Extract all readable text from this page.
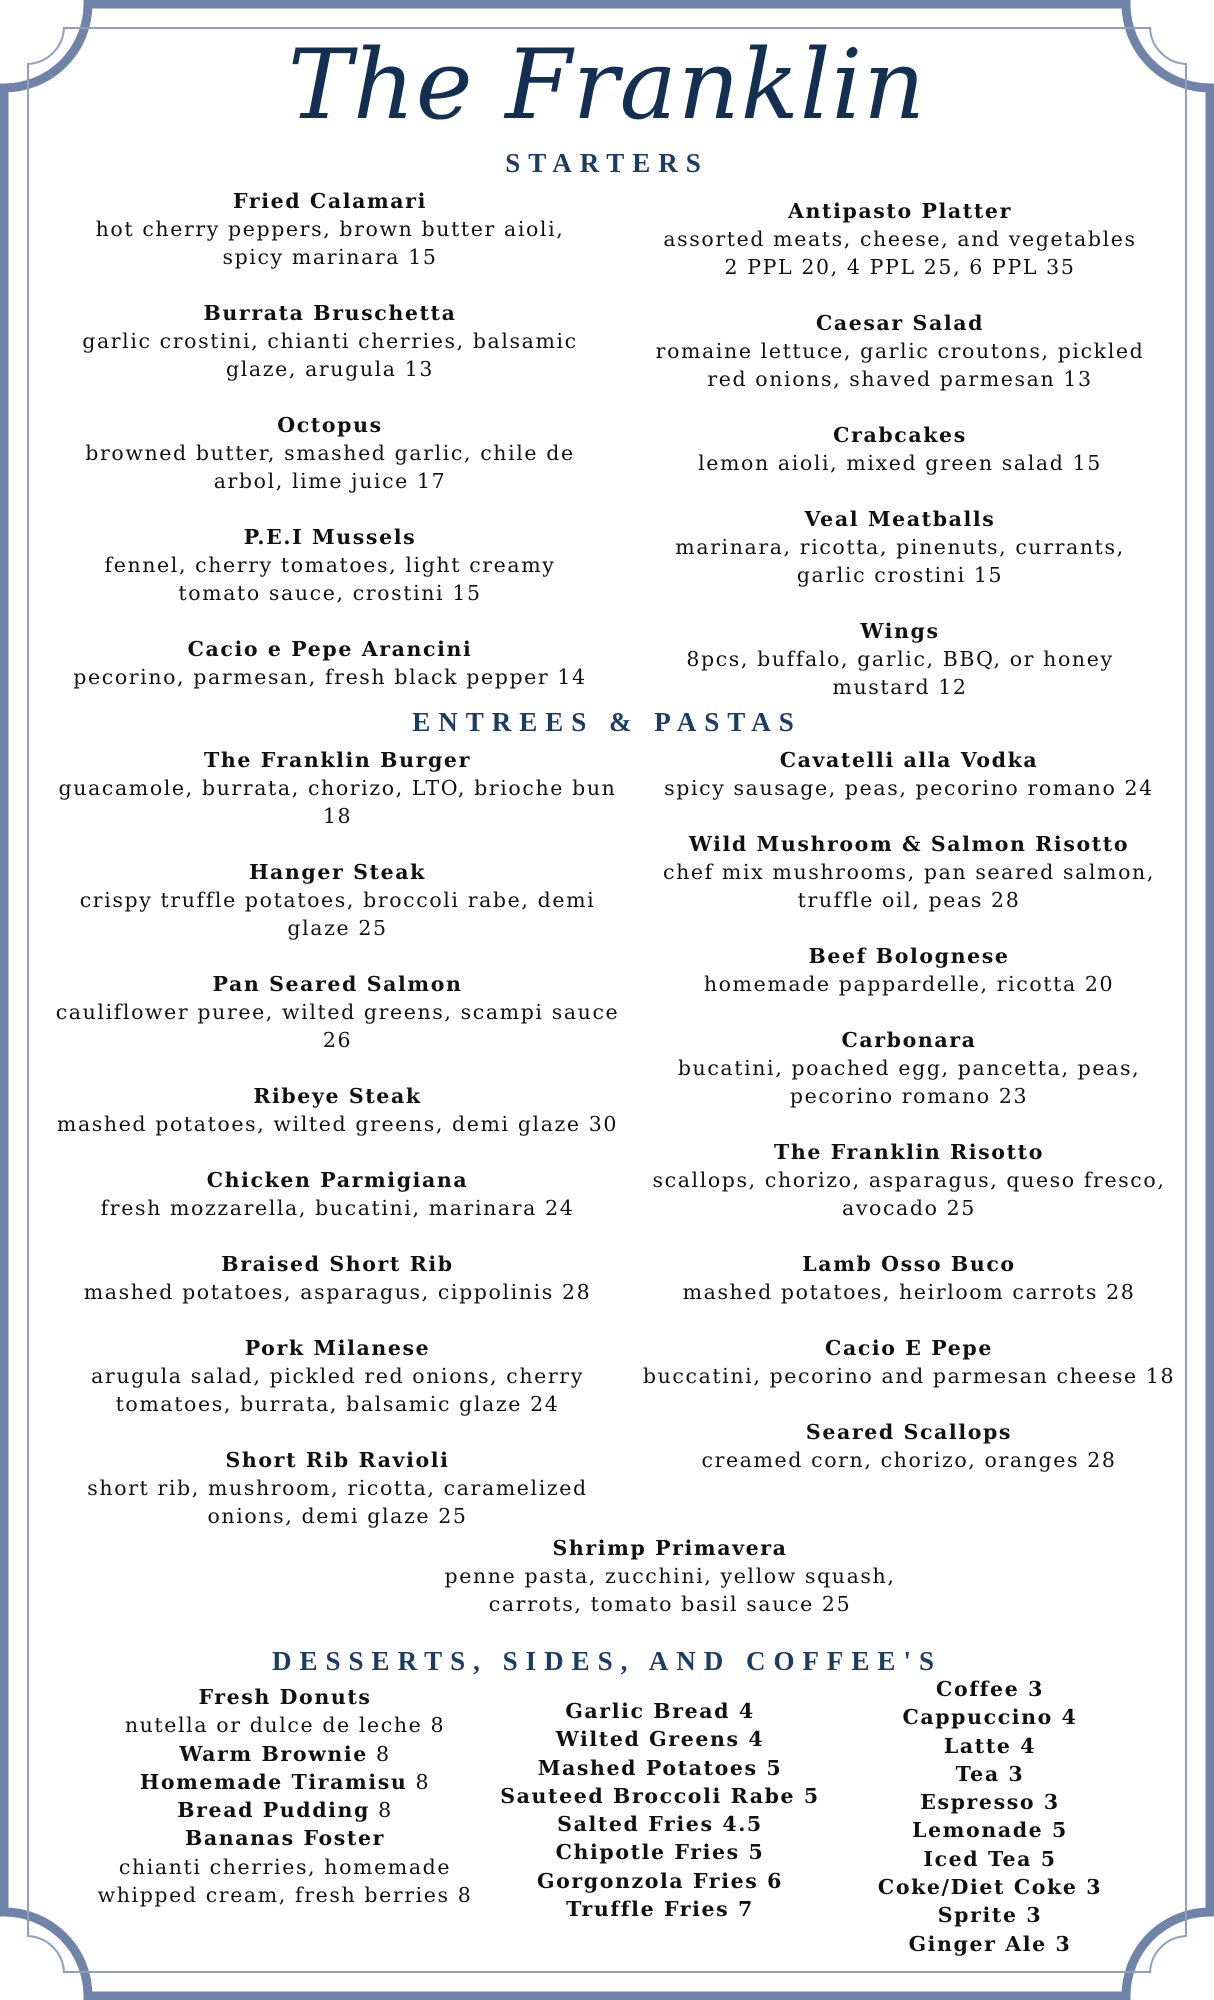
The Franklin
STARTERS
Fried Calamari
hot cherry peppers, brown butter aioli,
spicy marinara 15
Burrata Bruschetta
garlic crostini, chianti cherries, balsamic
glaze, arugula 13
Octopus
browned butter, smashed garlic, chile de
arbol, lime juice 17
P.E.I Mussels
fennel, cherry tomatoes, light creamy
tomato sauce, crostini 15
Cacio e Pepe Arancini
pecorino, parmesan, fresh black pepper 14
Antipasto Platter
assorted meats, cheese, and vegetables
2 PPL 20, 4 PPL 25, 6 PPL 35
Caesar Salad
romaine lettuce, garlic croutons, pickled
red onions, shaved parmesan 13
Crabcakes
lemon aioli, mixed green salad 15
Veal Meatballs
marinara, ricotta, pinenuts, currants,
garlic crostini 15
Wings
8pcs, buffalo, garlic, BBQ, or honey
mustard 12
ENTREES & PASTAS
The Franklin Burger
guacamole, burrata, chorizo, LTO, brioche bun
18
Hanger Steak
crispy truffle potatoes, broccoli rabe, demi
glaze 25
Pan Seared Salmon
cauliflower puree, wilted greens, scampi sauce
26
Ribeye Steak
mashed potatoes, wilted greens, demi glaze 30
Chicken Parmigiana
fresh mozzarella, bucatini, marinara 24
Braised Short Rib
mashed potatoes, asparagus, cippolinis 28
Pork Milanese
arugula salad, pickled red onions, cherry
tomatoes, burrata, balsamic glaze 24
Short Rib Ravioli
short rib, mushroom, ricotta, caramelized
onions, demi glaze 25
Cavatelli alla Vodka
spicy sausage, peas, pecorino romano 24
Wild Mushroom & Salmon Risotto
chef mix mushrooms, pan seared salmon,
truffle oil, peas 28
Beef Bolognese
homemade pappardelle, ricotta 20
Carbonara
bucatini, poached egg, pancetta, peas,
pecorino romano 23
The Franklin Risotto
scallops, chorizo, asparagus, queso fresco,
avocado 25
Lamb Osso Buco
mashed potatoes, heirloom carrots 28
Cacio E Pepe
buccatini, pecorino and parmesan cheese 18
Seared Scallops
creamed corn, chorizo, oranges 28
Shrimp Primavera
penne pasta, zucchini, yellow squash,
carrots, tomato basil sauce 25
DESSERTS, SIDES, AND COFFEE'S
Fresh Donuts
nutella or dulce de leche 8
Warm Brownie 8
Homemade Tiramisu 8
Bread Pudding 8
Bananas Foster
chianti cherries, homemade
whipped cream, fresh berries 8
Garlic Bread 4
Wilted Greens 4
Mashed Potatoes 5
Sauteed Broccoli Rabe 5
Salted Fries 4.5
Chipotle Fries 5
Gorgonzola Fries 6
Truffle Fries 7
Coffee 3
Cappuccino 4
Latte 4
Tea 3
Espresso 3
Lemonade 5
Iced Tea 5
Coke/Diet Coke 3
Sprite 3
Ginger Ale 3
